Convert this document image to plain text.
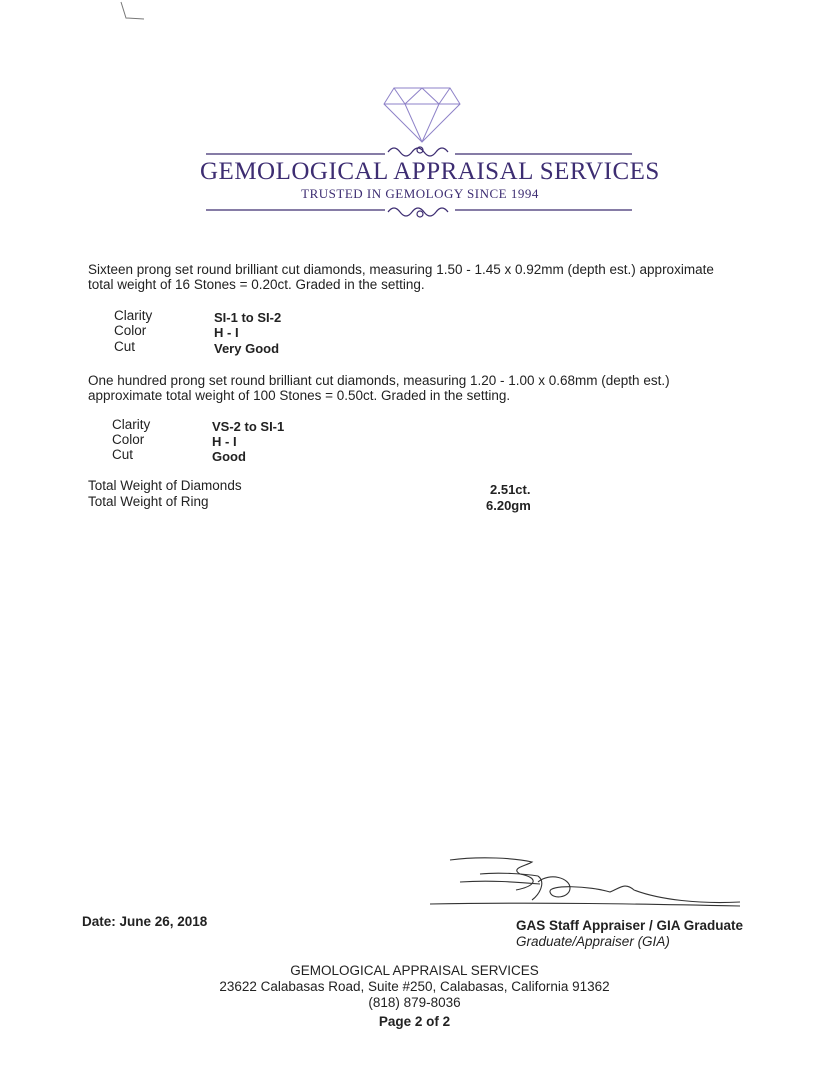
GEMOLOGICAL APPRAISAL SERVICES
TRUSTED IN GEMOLOGY SINCE 1994
Sixteen prong set round brilliant cut diamonds, measuring 1.50 - 1.45 x 0.92mm (depth est.) approximate total weight of 16 Stones = 0.20ct. Graded in the setting.
Clarity	SI-1 to SI-2
Color	H - I
Cut	Very Good
One hundred prong set round brilliant cut diamonds, measuring 1.20 - 1.00 x 0.68mm (depth est.) approximate total weight of 100 Stones = 0.50ct. Graded in the setting.
Clarity	VS-2 to SI-1
Color	H - I
Cut	Good
Total Weight of Diamonds	2.51ct.
Total Weight of Ring	6.20gm
Date: June 26, 2018	GAS Staff Appraiser / GIA Graduate
Graduate/Appraiser (GIA)
GEMOLOGICAL APPRAISAL SERVICES
23622 Calabasas Road, Suite #250, Calabasas, California 91362
(818) 879-8036
Page 2 of 2
